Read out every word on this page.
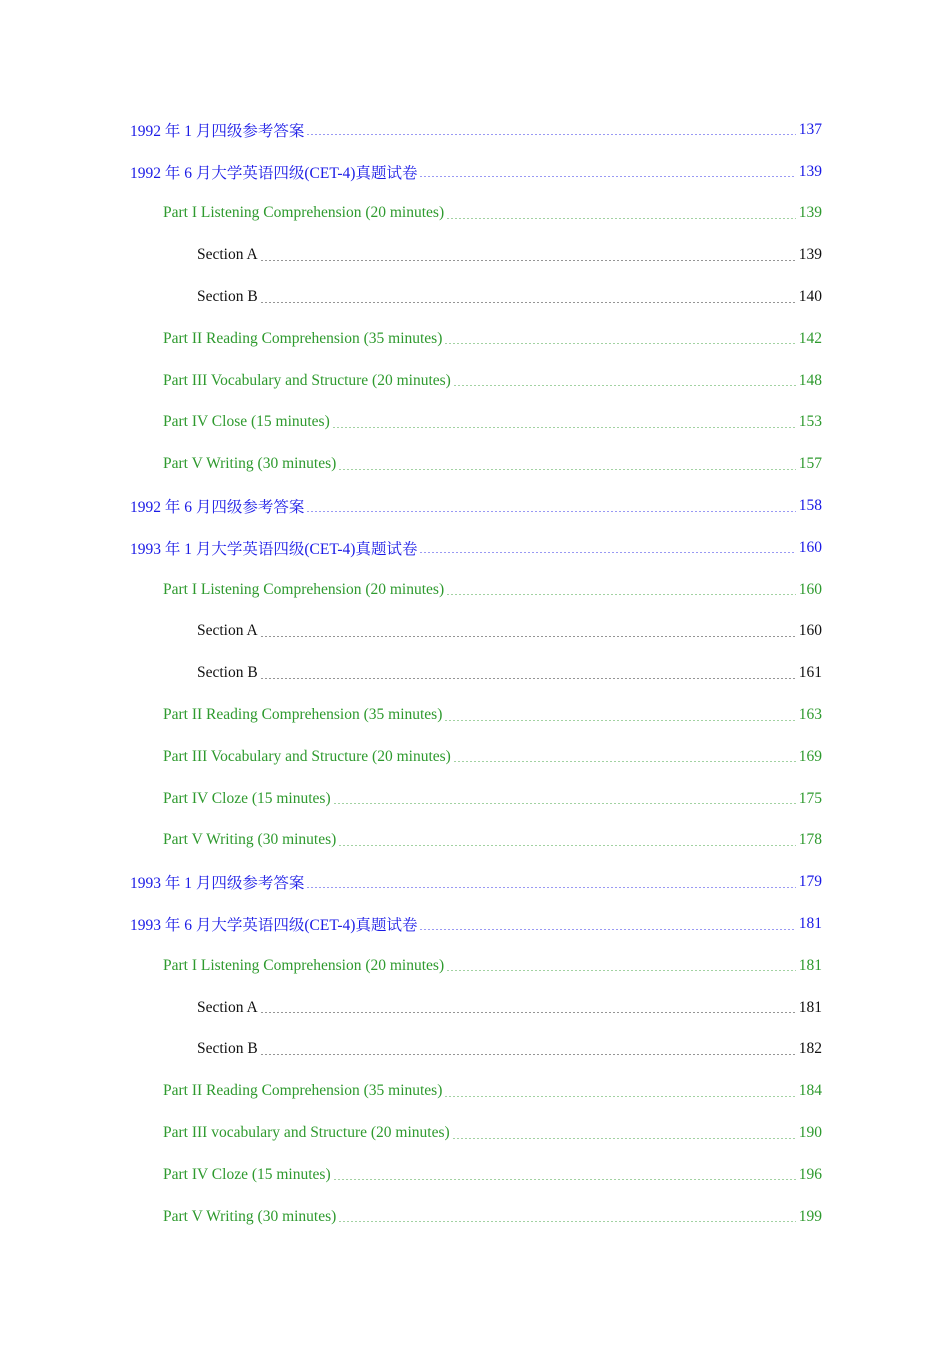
1992 年 1 月四级参考答案	137
1992 年 6 月大学英语四级(CET-4)真题试卷	139
Part I Listening Comprehension (20 minutes)	139
Section A	139
Section B	140
Part II Reading Comprehension (35 minutes)	142
Part III Vocabulary and Structure (20 minutes)	148
Part IV Close (15 minutes)	153
Part V Writing (30 minutes)	157
1992 年 6 月四级参考答案	158
1993 年 1 月大学英语四级(CET-4)真题试卷	160
Part I Listening Comprehension (20 minutes)	160
Section A	160
Section B	161
Part II Reading Comprehension (35 minutes)	163
Part III Vocabulary and Structure (20 minutes)	169
Part IV Cloze (15 minutes)	175
Part V Writing (30 minutes)	178
1993 年 1 月四级参考答案	179
1993 年 6 月大学英语四级(CET-4)真题试卷	181
Part I Listening Comprehension (20 minutes)	181
Section A	181
Section B	182
Part II Reading Comprehension (35 minutes)	184
Part III vocabulary and Structure (20 minutes)	190
Part IV Cloze (15 minutes)	196
Part V Writing (30 minutes)	199
